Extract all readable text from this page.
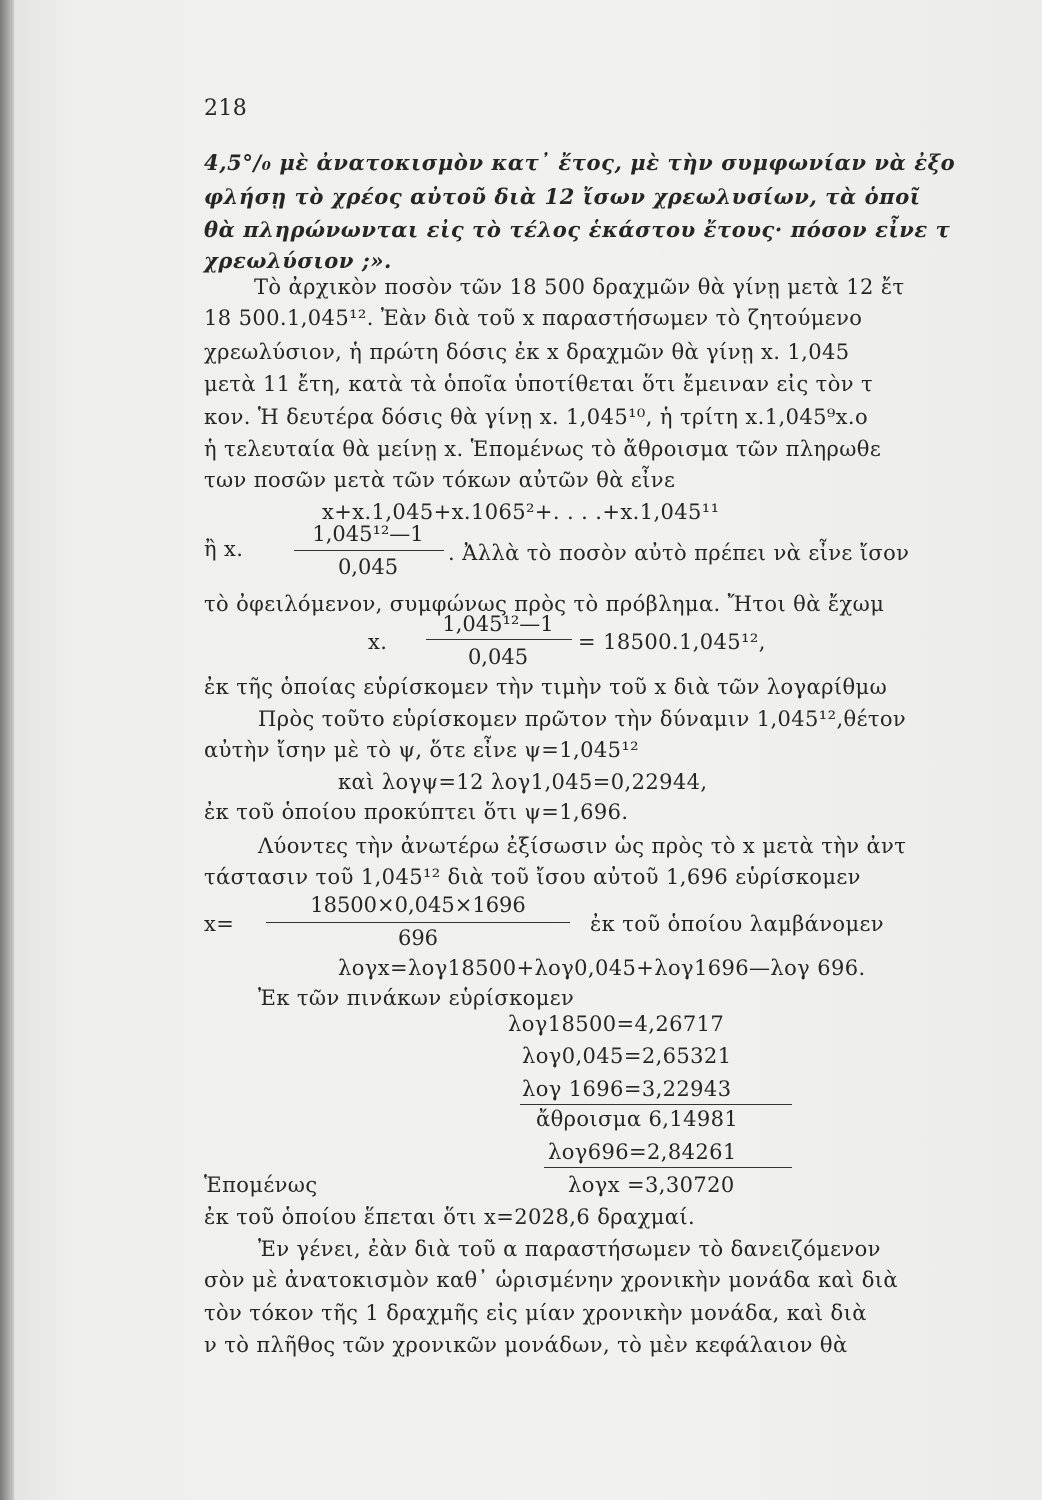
218
4,5°/₀ μὲ ἀνατοκισμὸν κατ᾽ ἔτος, μὲ τὴν συμφωνίαν νὰ ἐξο
φλήσῃ τὸ χρέος αὐτοῦ διὰ 12 ἴσων χρεωλυσίων, τὰ ὁποῖ
θὰ πληρώνωνται εἰς τὸ τέλος ἑκάστου ἔτους· πόσον εἶνε τ
χρεωλύσιον ;».
Τὸ ἀρχικὸν ποσὸν τῶν 18 500 δραχμῶν θὰ γίνῃ μετὰ 12 ἔτ
18 500.1,045¹². Ἐὰν διὰ τοῦ x παραστήσωμεν τὸ ζητούμενο
χρεωλύσιον, ἡ πρώτη δόσις ἐκ x δραχμῶν θὰ γίνῃ x. 1,045
μετὰ 11 ἔτη, κατὰ τὰ ὁποῖα ὑποτίθεται ὅτι ἔμειναν εἰς τὸν τ
κον. Ἡ δευτέρα δόσις θὰ γίνῃ x. 1,045¹⁰, ἡ τρίτη x.1,045⁹x.ο
ἡ τελευταία θὰ μείνῃ x. Ἑπομένως τὸ ἄθροισμα τῶν πληρωθε
των ποσῶν μετὰ τῶν τόκων αὐτῶν θὰ εἶνε
x+x.1,045+x.1065²+. . . .+x.1,045¹¹
ἢ x.
1,045¹²—1
0,045
. Ἀλλὰ τὸ ποσὸν αὐτὸ πρέπει νὰ εἶνε ἴσον
τὸ ὀφειλόμενον, συμφώνως πρὸς τὸ πρόβλημα. Ἤτοι θὰ ἔχωμ
x.
1,045¹²—1
0,045
= 18500.1,045¹²,
ἐκ τῆς ὁποίας εὑρίσκομεν τὴν τιμὴν τοῦ x διὰ τῶν λογαρίθμω
Πρὸς τοῦτο εὑρίσκομεν πρῶτον τὴν δύναμιν 1,045¹²,θέτον
αὐτὴν ἴσην μὲ τὸ ψ, ὅτε εἶνε ψ=1,045¹²
καὶ λογψ=12 λογ1,045=0,22944,
ἐκ τοῦ ὁποίου προκύπτει ὅτι ψ=1,696.
Λύοντες τὴν ἀνωτέρω ἐξίσωσιν ὡς πρὸς τὸ x μετὰ τὴν ἀντ
τάστασιν τοῦ 1,045¹² διὰ τοῦ ἴσου αὐτοῦ 1,696 εὑρίσκομεν
x=
18500×0,045×1696
696
ἐκ τοῦ ὁποίου λαμβάνομεν
λογx=λογ18500+λογ0,045+λογ1696—λογ 696.
Ἐκ τῶν πινάκων εὑρίσκομεν
λογ18500=4,26717
λογ0,045=2,65321
λογ 1696=3,22943
ἄθροισμα 6,14981
λογ696=2,84261
Ἑπομένως	λογx =3,30720
ἐκ τοῦ ὁποίου ἕπεται ὅτι x=2028,6 δραχμαί.
Ἐν γένει, ἐὰν διὰ τοῦ α παραστήσωμεν τὸ δανειζόμενον
σὸν μὲ ἀνατοκισμὸν καθ᾽ ὡρισμένην χρονικὴν μονάδα καὶ διὰ
τὸν τόκον τῆς 1 δραχμῆς εἰς μίαν χρονικὴν μονάδα, καὶ διὰ
ν τὸ πλῆθος τῶν χρονικῶν μονάδων, τὸ μὲν κεφάλαιον θὰ
